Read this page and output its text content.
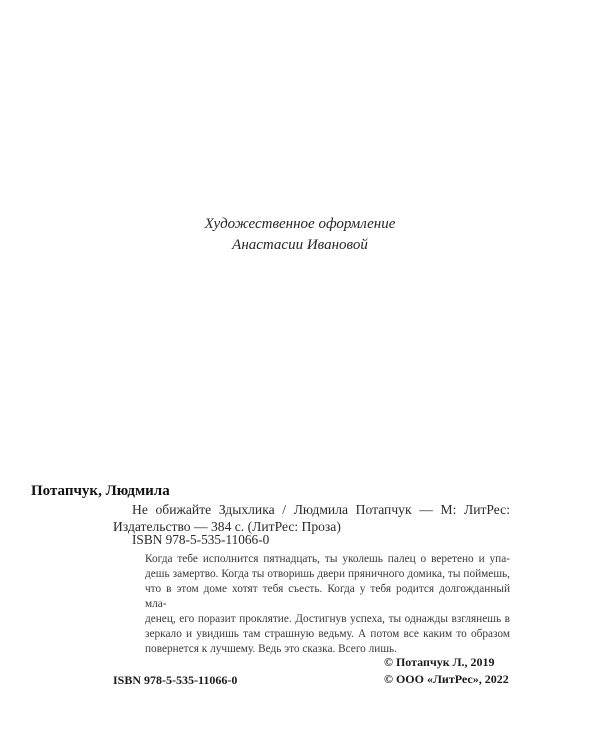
Художественное оформление
Анастасии Ивановой
Потапчук, Людмила
Не обижайте Здыхлика / Людмила Потапчук — М: ЛитРес: Издательство — 384 с. (ЛитРес: Проза)
ISBN 978-5-535-11066-0
Когда тебе исполнится пятнадцать, ты уколешь палец о веретено и упа-
дешь замертво. Когда ты отворишь двери пряничного домика, ты поймешь,
что в этом доме хотят тебя съесть. Когда у тебя родится долгожданный мла-
денец, его поразит проклятие. Достигнув успеха, ты однажды взглянешь в
зеркало и увидишь там страшную ведьму. А потом все каким то образом
повернется к лучшему. Ведь это сказка. Всего лишь.
ISBN 978-5-535-11066-0
© Потапчук Л., 2019
© ООО «ЛитРес», 2022
